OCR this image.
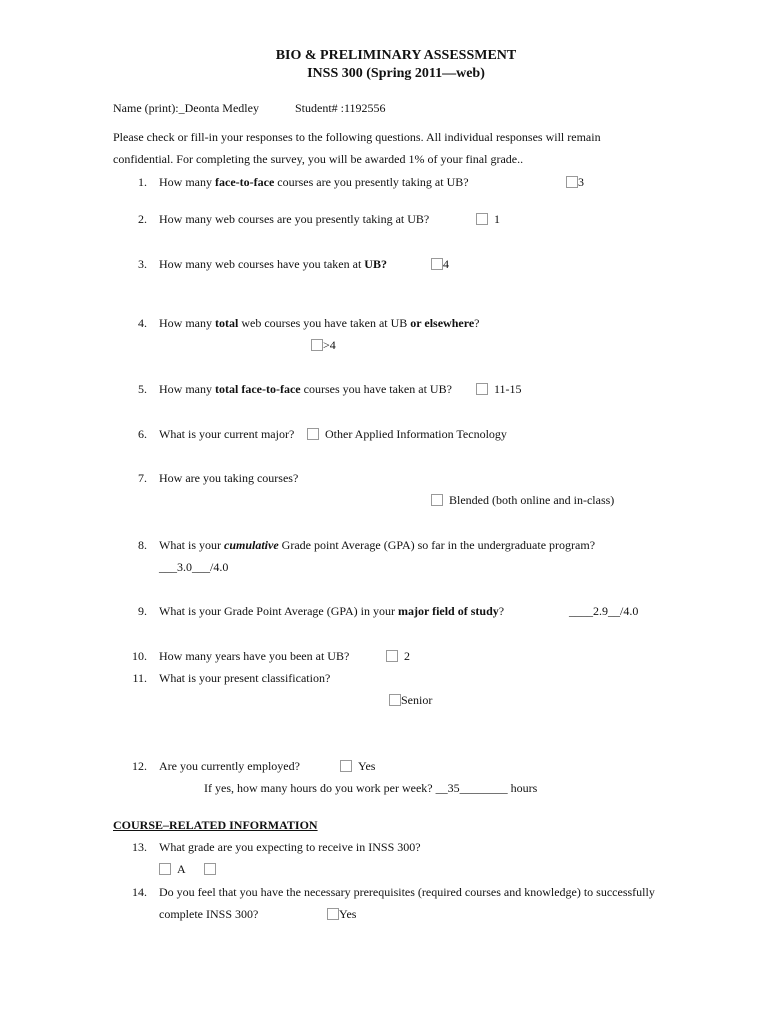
BIO & PRELIMINARY ASSESSMENT
INSS 300 (Spring 2011—web)
Name (print):_Deonta Medley	Student# :1192556
Please check or fill-in your responses to the following questions. All individual responses will remain
confidential. For completing the survey, you will be awarded 1% of your final grade..
1. How many face-to-face courses are you presently taking at UB?	3
2. How many web courses are you presently taking at UB?	1
3. How many web courses have you taken at UB?	4
4. How many total web courses you have taken at UB or elsewhere?
>4
5. How many total face-to-face courses you have taken at UB?	11-15
6. What is your current major?	Other Applied Information Tecnology
7. How are you taking courses?
Blended (both online and in-class)
8. What is your cumulative Grade point Average (GPA) so far in the undergraduate program?
___3.0___/4.0
9. What is your Grade Point Average (GPA) in your major field of study?	____2.9__/4.0
10. How many years have you been at UB?	2
11. What is your present classification?
Senior
12. Are you currently employed?	Yes
If yes, how many hours do you work per week? __35________ hours
COURSE–RELATED INFORMATION
13. What grade are you expecting to receive in INSS 300?
A
14. Do you feel that you have the necessary prerequisites (required courses and knowledge) to successfully
complete INSS 300?	Yes
